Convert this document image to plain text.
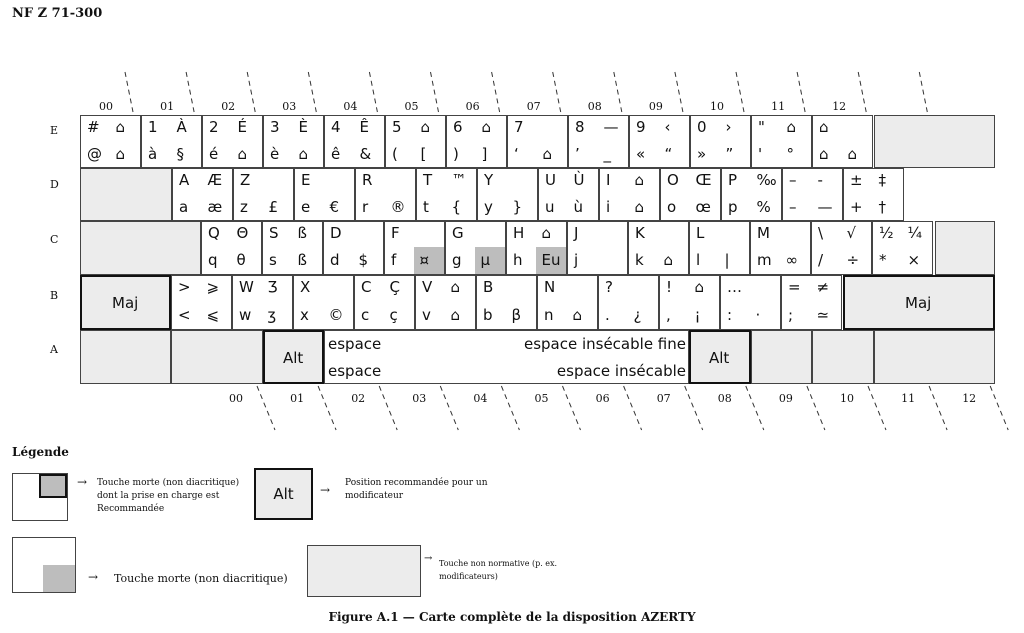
NF Z 71-300
E
D
C
B
A
00	01	02	03	04	05	06	07	08	09	10	11	12
00	01	02	03	04	05	06	07	08	09	10	11	12
# ⌂
@ ⌂
1 À
à §
2 É
é ⌂
3 È
è ⌂
4 Ê
ê &
5 ⌂
( [
6 ⌂
) ]
7
‘ ⌂
8 —
’ _
9 ‹
« “
0 ›
» ”
" ⌂
' °
⌂
⌂ ⌂
A Æ
a æ
Z
z £
E
e €
R
r ®
T ™
t {
Y
y }
U Ù
u ù
I ⌂
i ⌂
O Œ
o œ
P ‰
p %
– -
– —
± ‡
+ †
Q Θ
q θ
S ß
s ß
D
d $
F
f ¤
G
g µ
H ⌂
h Eu
J
j
K
k ⌂
L
l |
M
m ∞
\ √
/ ÷
½ ¼
* ×
Maj
> ⩾
< ⩽
W Ʒ
w ʒ
X
x ©
C Ç
c ç
V ⌂
v ⌂
B
b β
N
n ⌂
?
. ¿
! ⌂
, ¡
…
: ·
= ≠
; ≃
Maj
Alt
espace
espace
espace insécable fine
espace insécable
Alt
Légende
→ Touche morte (non diacritique) dont la prise en charge est Recommandée
Alt	→ Position recommandée pour un modificateur
→ Touche morte (non diacritique)
→ Touche non normative (p. ex. modificateurs)
Figure A.1 — Carte complète de la disposition AZERTY
